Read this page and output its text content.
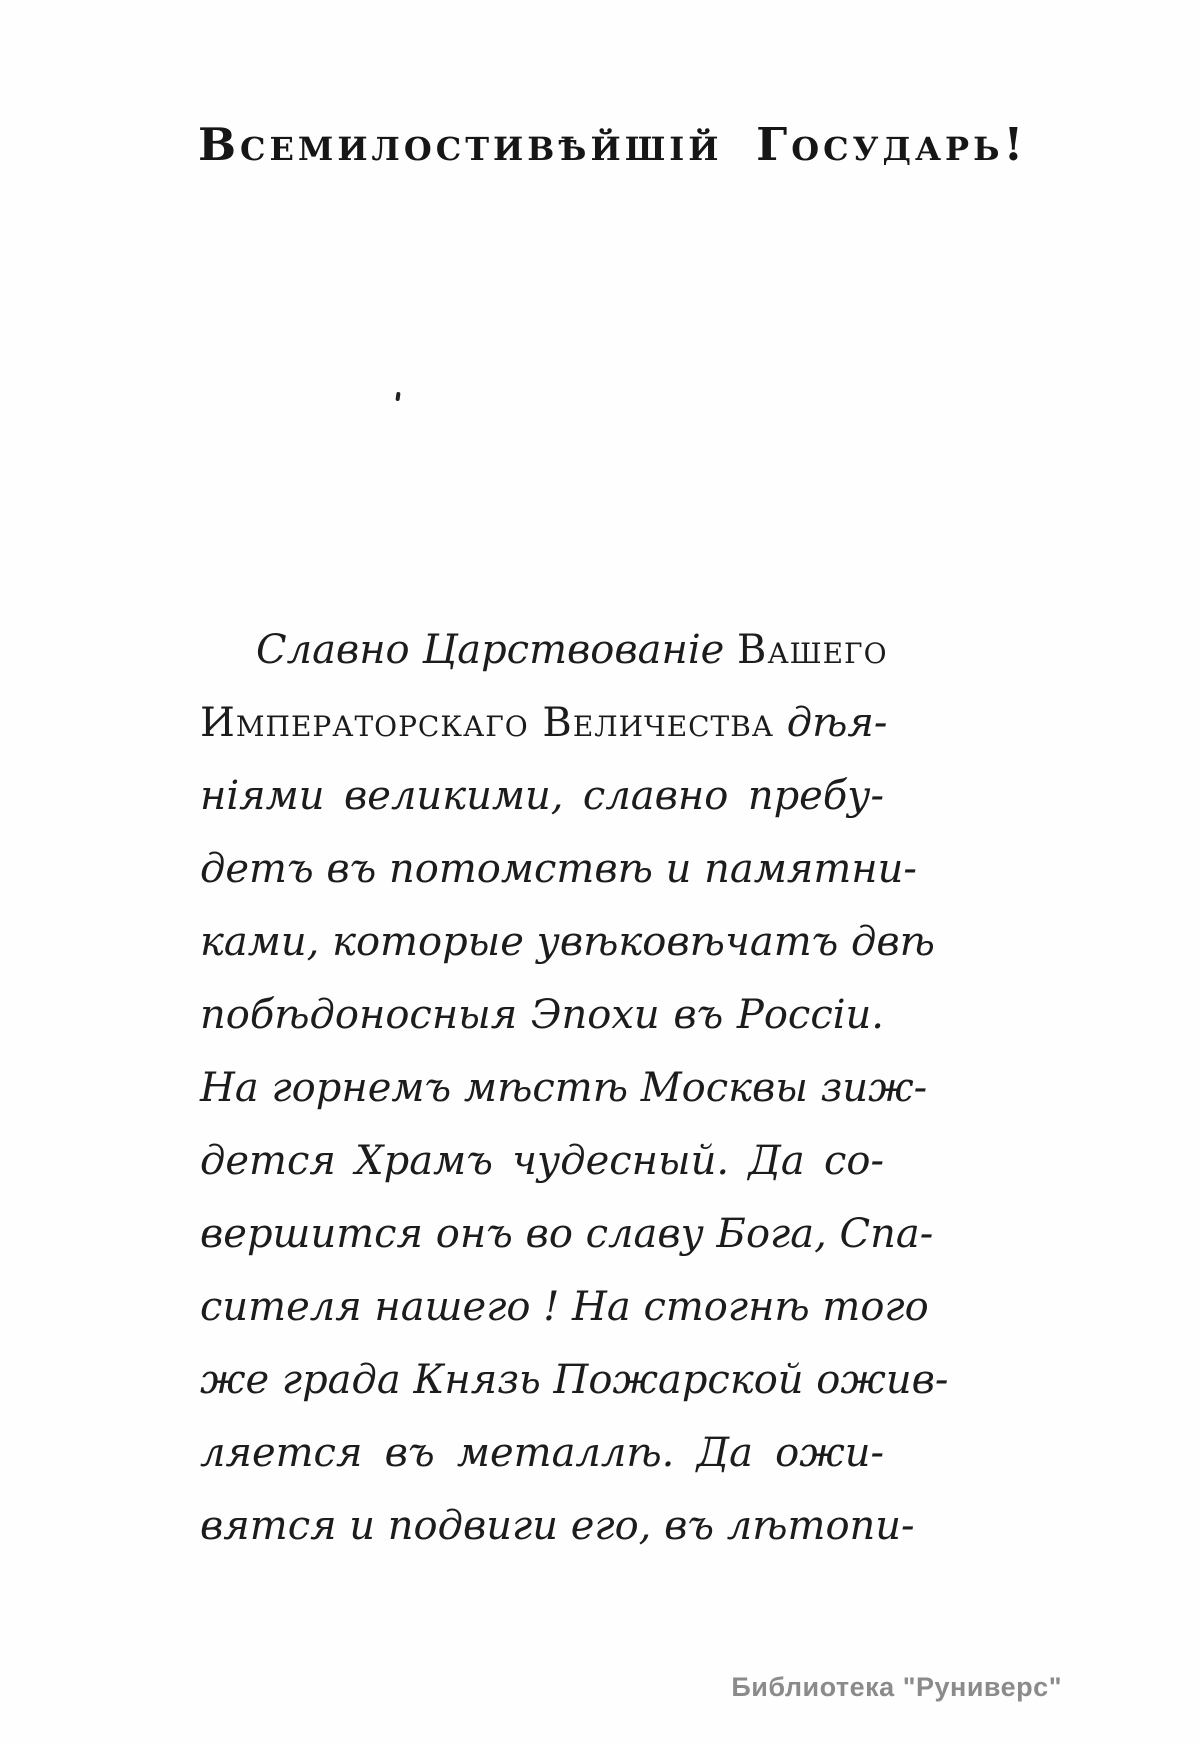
Всемилостивѣйшій Государь!
Славно Царствованіе Вашего
Императорскаго Величества дѣя-
ніями великими, славно пребу-
детъ въ потомствѣ и памятни-
ками, которые увѣковѣчатъ двѣ
побѣдоносныя Эпохи въ Россіи.
На горнемъ мѣстѣ Москвы зиж-
дется Храмъ чудесный. Да со-
вершится онъ во славу Бога, Спа-
сителя нашего ! На стогнѣ того
же града Князь Пожарской ожив-
ляется въ металлѣ. Да ожи-
вятся и подвиги его, въ лѣтопи-
Библиотека "Руниверс"
